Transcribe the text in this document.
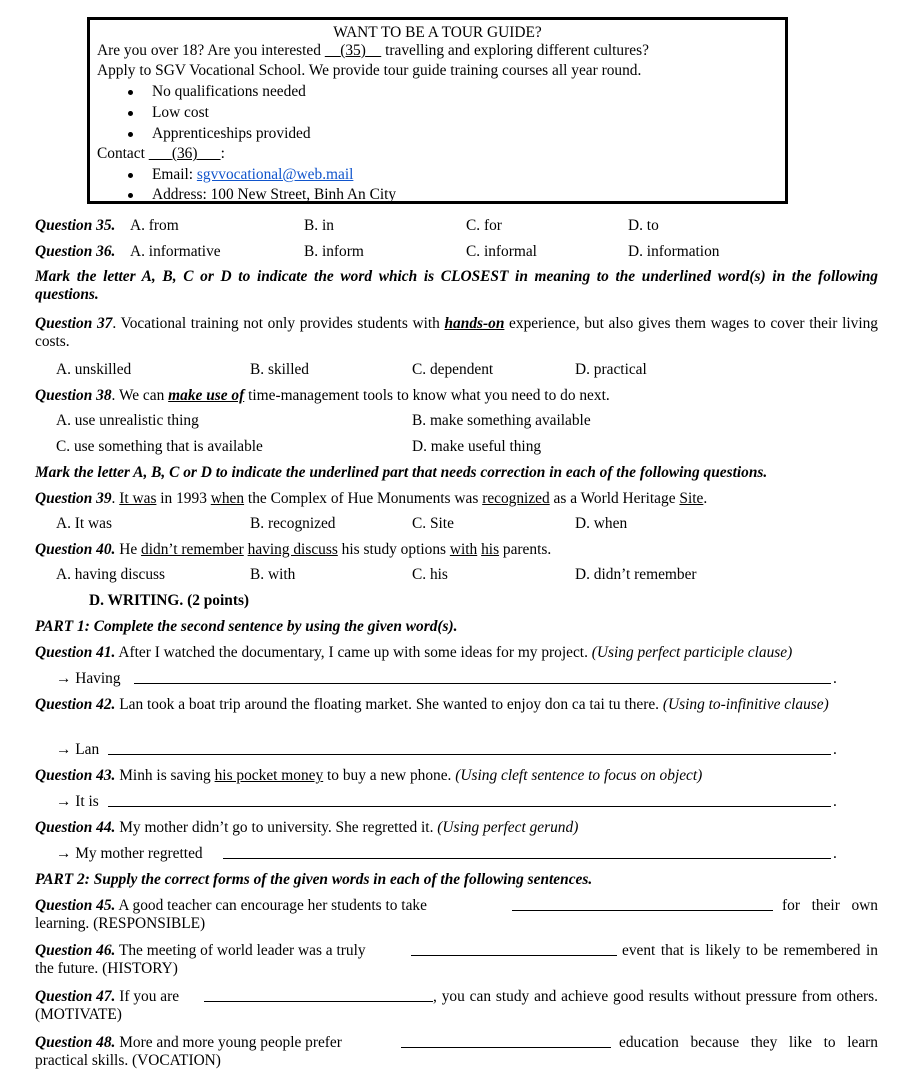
WANT TO BE A TOUR GUIDE?
Are you over 18? Are you interested   (35)   travelling and exploring different cultures?
Apply to SGV Vocational School. We provide tour guide training courses all year round.
No qualifications needed
Low cost
Apprenticeships provided
Contact    (36)    :
Email: sgvvocational@web.mail
Address: 100 New Street, Binh An City
Question 35. A. from	B. in	C. for	D. to
Question 36. A. informative	B. inform	C. informal	D. information
Mark the letter A, B, C or D to indicate the word which is CLOSEST in meaning to the underlined word(s) in the following questions.
Question 37. Vocational training not only provides students with hands-on experience, but also gives them wages to cover their living costs.
A. unskilled	B. skilled	C. dependent	D. practical
Question 38. We can make use of time-management tools to know what you need to do next.
A. use unrealistic thing	B. make something available
C. use something that is available	D. make useful thing
Mark the letter A, B, C or D to indicate the underlined part that needs correction in each of the following questions.
Question 39. It was in 1993 when the Complex of Hue Monuments was recognized as a World Heritage Site.
A. It was	B. recognized	C. Site	D. when
Question 40. He didn’t remember having discuss his study options with his parents.
A. having discuss	B. with	C. his	D. didn’t remember
D. WRITING. (2 points)
PART 1: Complete the second sentence by using the given word(s).
Question 41. After I watched the documentary, I came up with some ideas for my project. (Using perfect participle clause)
→ Having	.
Question 42. Lan took a boat trip around the floating market. She wanted to enjoy don ca tai tu there. (Using to-infinitive clause)
→ Lan	.
Question 43. Minh is saving his pocket money to buy a new phone. (Using cleft sentence to focus on object)
→ It is	.
Question 44. My mother didn’t go to university. She regretted it. (Using perfect gerund)
→ My mother regretted	.
PART 2: Supply the correct forms of the given words in each of the following sentences.
Question 45. A good teacher can encourage her students to take	for their own learning. (RESPONSIBLE)
Question 46. The meeting of world leader was a truly	event that is likely to be remembered in the future. (HISTORY)
Question 47. If you are	, you can study and achieve good results without pressure from others. (MOTIVATE)
Question 48. More and more young people prefer	education because they like to learn practical skills. (VOCATION)
